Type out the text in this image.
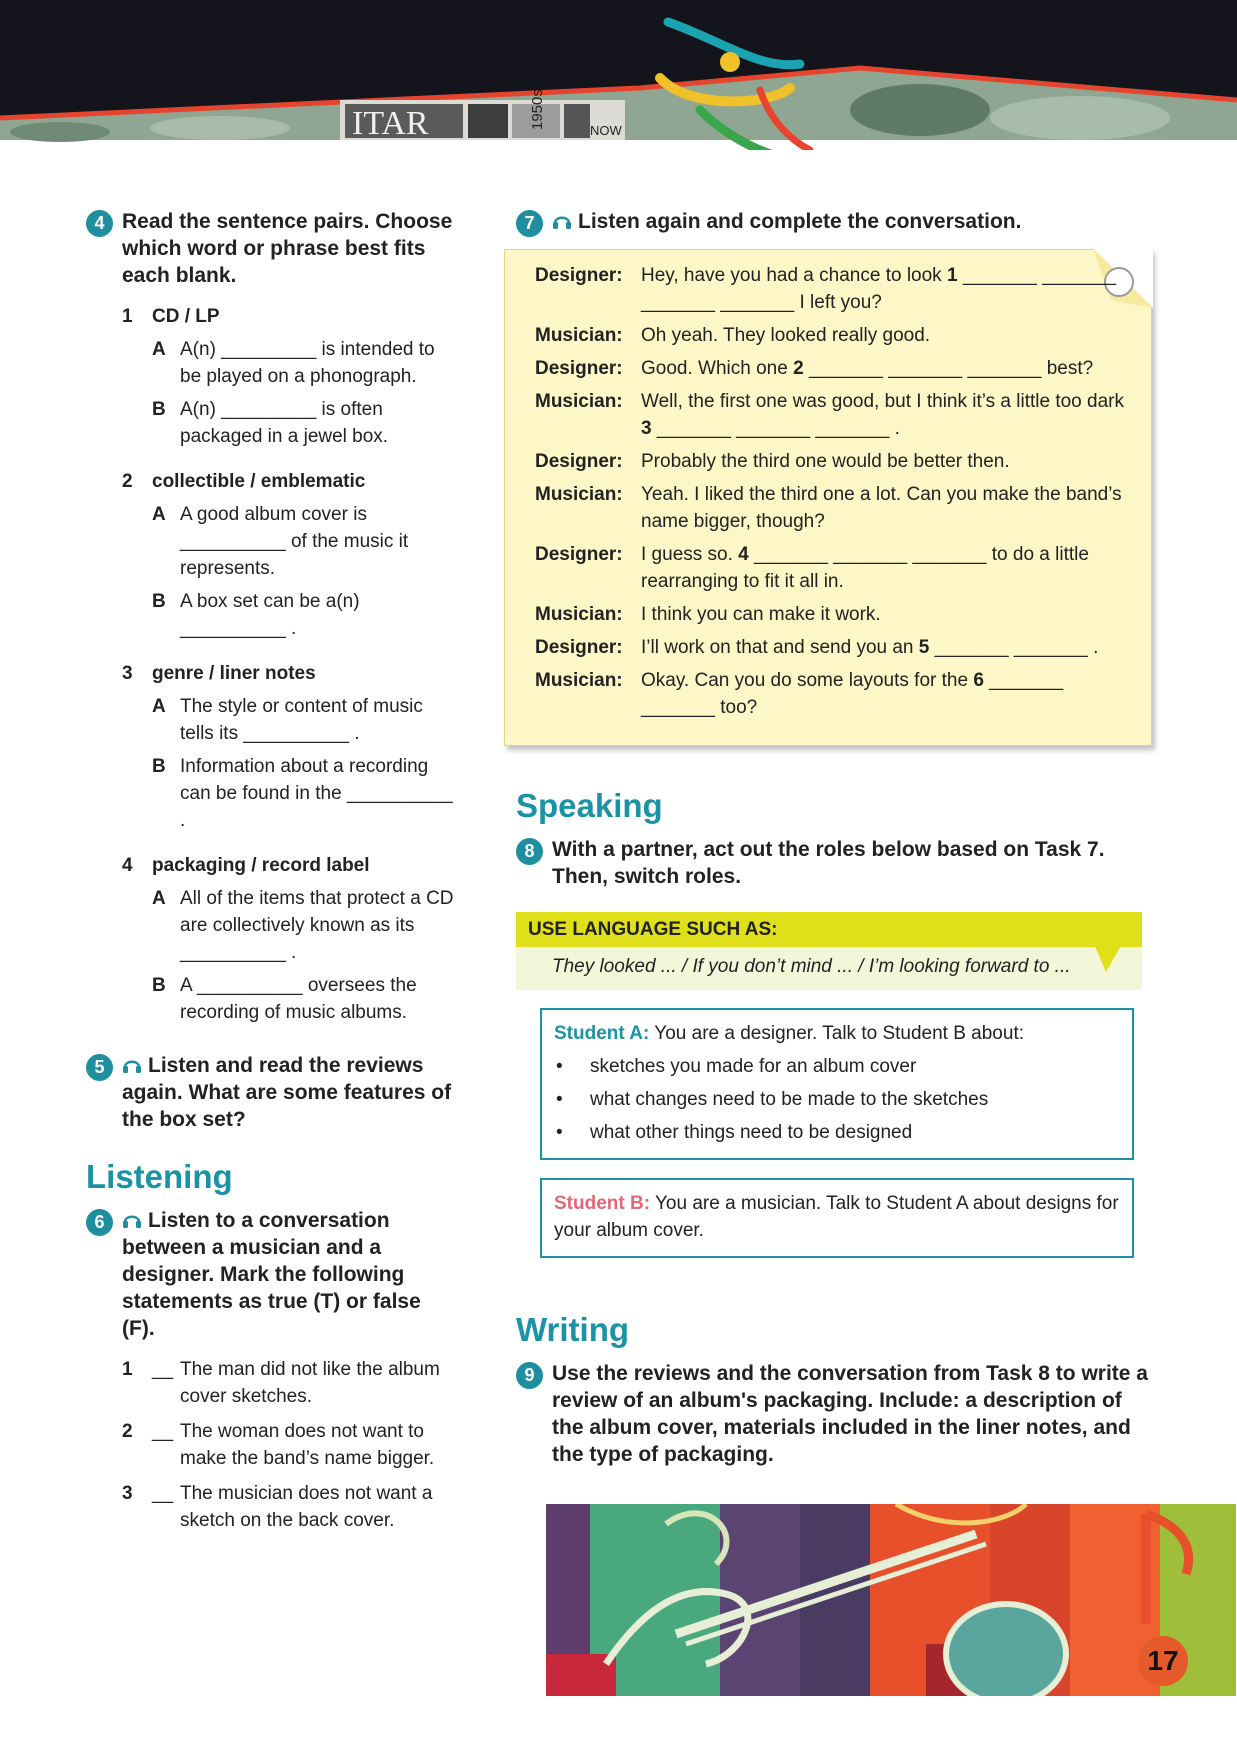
ITAR	1950s
NOW
4 Read the sentence pairs. Choose which word or phrase best fits each blank.
1	CD / LP
A A(n) _________ is intended to be played on a phonograph.
B A(n) _________ is often packaged in a jewel box.
2	collectible / emblematic
A A good album cover is __________ of the music it represents.
B A box set can be a(n) __________ .
3	genre / liner notes
A The style or content of music tells its __________ .
B Information about a recording can be found in the __________ .
4	packaging / record label
A All of the items that protect a CD are collectively known as its __________ .
B A __________ oversees the recording of music albums.
5	Listen and read the reviews again. What are some features of the box set?
Listening
6	Listen to a conversation between a musician and a designer. Mark the following statements as true (T) or false (F).
1 __ The man did not like the album cover sketches.
2 __ The woman does not want to make the band’s name bigger.
3 __ The musician does not want a sketch on the back cover.
7	Listen again and complete the conversation.
Designer: Hey, have you had a chance to look 1 _______ _______ _______ _______ I left you?
Musician: Oh yeah. They looked really good.
Designer: Good. Which one 2 _______ _______ _______ best?
Musician: Well, the first one was good, but I think it’s a little too dark 3 _______ _______ _______ .
Designer: Probably the third one would be better then.
Musician: Yeah. I liked the third one a lot. Can you make the band’s name bigger, though?
Designer: I guess so. 4 _______ _______ _______ to do a little rearranging to fit it all in.
Musician: I think you can make it work.
Designer: I’ll work on that and send you an 5 _______ _______ .
Musician: Okay. Can you do some layouts for the 6 _______ _______ too?
Speaking
8 With a partner, act out the roles below based on Task 7. Then, switch roles.
USE LANGUAGE SUCH AS:
They looked ... / If you don’t mind ... / I’m looking forward to ...
Student A: You are a designer. Talk to Student B about:
• sketches you made for an album cover
• what changes need to be made to the sketches
• what other things need to be designed
Student B: You are a musician. Talk to Student A about designs for your album cover.
Writing
9 Use the reviews and the conversation from Task 8 to write a review of an album's packaging. Include: a description of the album cover, materials included in the liner notes, and the type of packaging.
17
